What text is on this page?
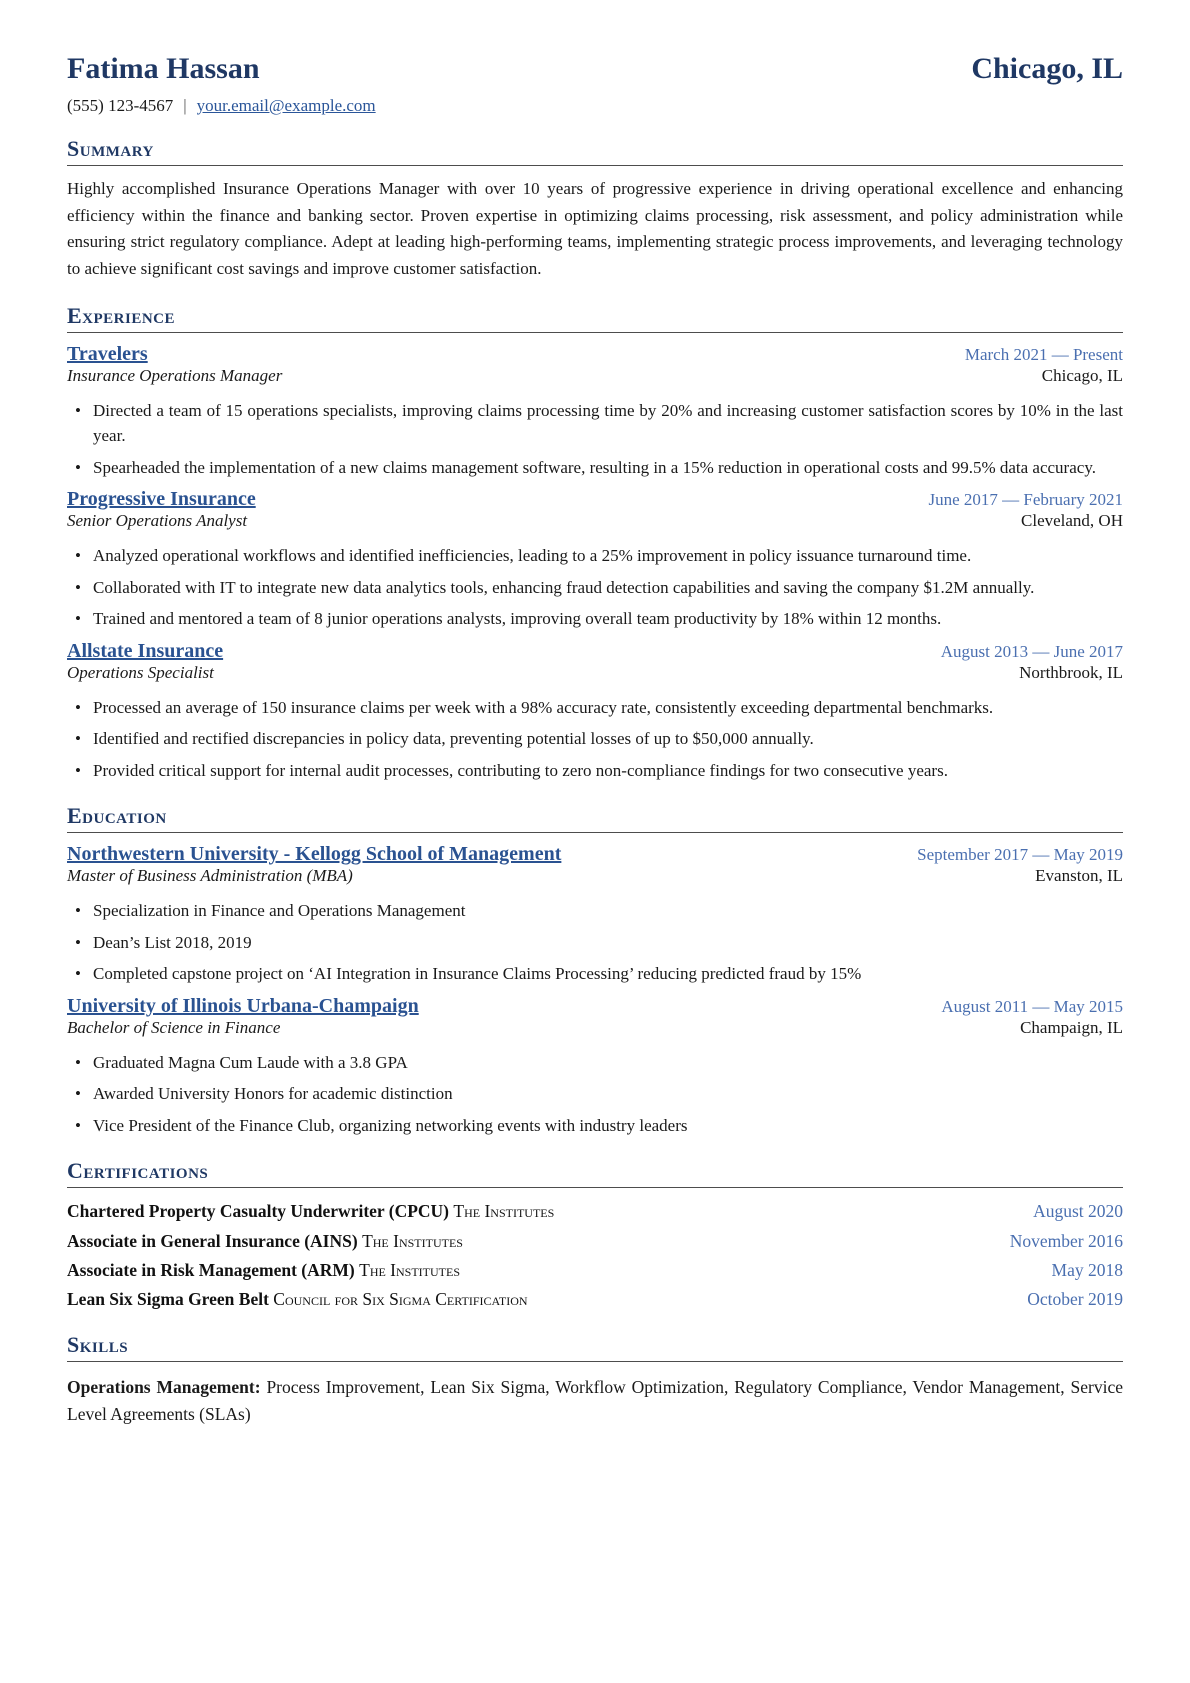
Fatima Hassan	Chicago, IL
(555) 123-4567 | your.email@example.com
Summary

Highly accomplished Insurance Operations Manager with over 10 years of progressive experience in driving operational excellence and enhancing efficiency within the finance and banking sector. Proven expertise in optimizing claims processing, risk assessment, and policy administration while ensuring strict regulatory compliance. Adept at leading high-performing teams, implementing strategic process improvements, and leveraging technology to achieve significant cost savings and improve customer satisfaction.

Experience
Travelers	March 2021 — Present
Insurance Operations Manager	Chicago, IL
• Directed a team of 15 operations specialists, improving claims processing time by 20% and increasing customer satisfaction scores by 10% in the last year.
• Spearheaded the implementation of a new claims management software, resulting in a 15% reduction in operational costs and 99.5% data accuracy.
Progressive Insurance	June 2017 — February 2021
Senior Operations Analyst	Cleveland, OH
• Analyzed operational workflows and identified inefficiencies, leading to a 25% improvement in policy issuance turnaround time.
• Collaborated with IT to integrate new data analytics tools, enhancing fraud detection capabilities and saving the company $1.2M annually.
• Trained and mentored a team of 8 junior operations analysts, improving overall team productivity by 18% within 12 months.
Allstate Insurance	August 2013 — June 2017
Operations Specialist	Northbrook, IL
• Processed an average of 150 insurance claims per week with a 98% accuracy rate, consistently exceeding departmental benchmarks.
• Identified and rectified discrepancies in policy data, preventing potential losses of up to $50,000 annually.
• Provided critical support for internal audit processes, contributing to zero non-compliance findings for two consecutive years.
Education
Northwestern University - Kellogg School of Management	September 2017 — May 2019
Master of Business Administration (MBA)	Evanston, IL
• Specialization in Finance and Operations Management
• Dean’s List 2018, 2019
• Completed capstone project on ‘AI Integration in Insurance Claims Processing’ reducing predicted fraud by 15%
University of Illinois Urbana-Champaign	August 2011 — May 2015
Bachelor of Science in Finance	Champaign, IL
• Graduated Magna Cum Laude with a 3.8 GPA
• Awarded University Honors for academic distinction
• Vice President of the Finance Club, organizing networking events with industry leaders
Certifications
Chartered Property Casualty Underwriter (CPCU) The Institutes	August 2020
Associate in General Insurance (AINS) The Institutes	November 2016
Associate in Risk Management (ARM) The Institutes	May 2018
Lean Six Sigma Green Belt Council for Six Sigma Certification	October 2019
Skills
Operations Management: Process Improvement, Lean Six Sigma, Workflow Optimization, Regulatory Compliance, Vendor Management, Service Level Agreements (SLAs)
